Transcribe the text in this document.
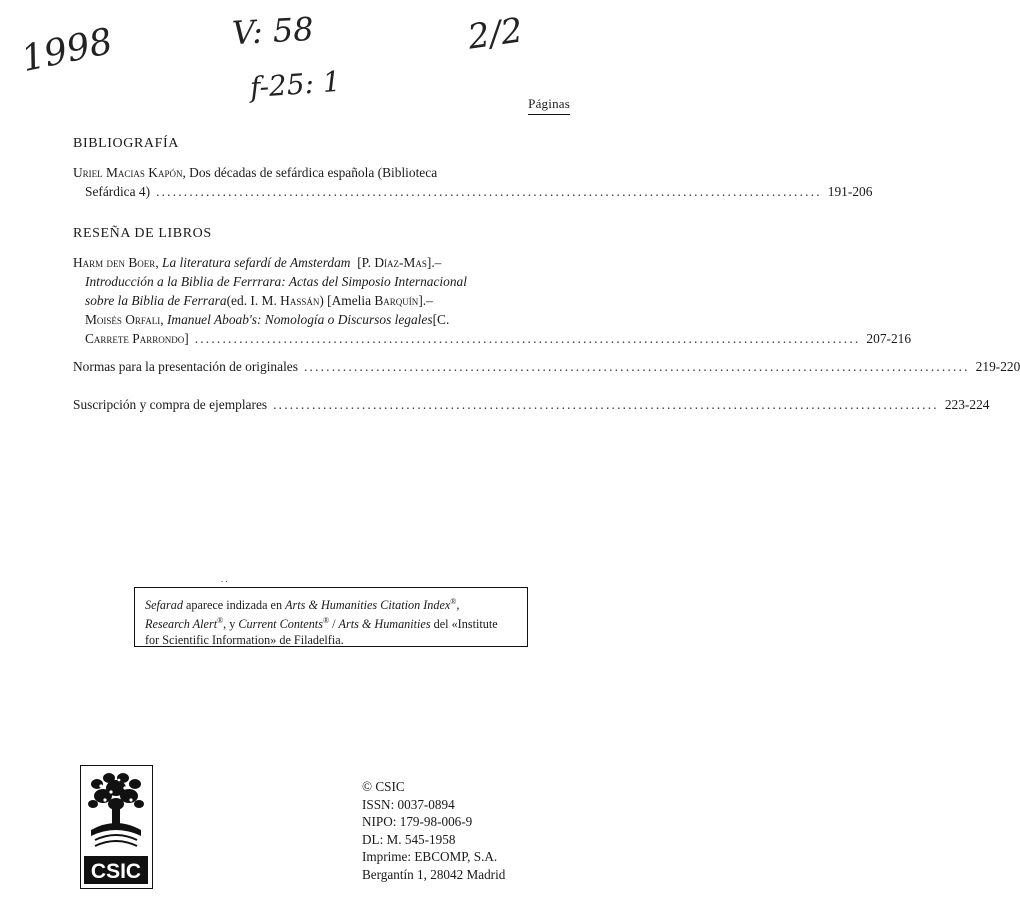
1998	V: 58
f-25: 1
2/2
Páginas
BIBLIOGRAFÍA
Uriel Macias Kapón , Dos décadas de sefárdica española (Biblioteca
Sefárdica 4) ........................................................................................................................ 191-206
RESEÑA DE LIBROS
Harm den Boer , La literatura sefardí de Amsterdam [P. Díaz-Mas].–
Introducción a la Biblia de Ferrrara: Actas del Simposio Internacional
sobre la Biblia de Ferrara (ed. I. M. Hassán) [Amelia Barquín].–
Moisés Orfali , Imanuel Aboab's: Nomología o Discursos legales [C.
Carrete Parrondo] ........................................................................................................................ 207-216
Normas para la presentación de originales ........................................................................................................................ 219-220
Suscripción y compra de ejemplares ........................................................................................................................ 223-224
..
Sefarad aparece indizada en Arts & Humanities Citation Index®,
Research Alert®, y Current Contents® / Arts & Humanities del «Institute
for Scientific Information» de Filadelfia.
CSIC
© CSIC
ISSN: 0037-0894
NIPO: 179-98-006-9
DL: M. 545-1958
Imprime: EBCOMP, S.A.
Bergantín 1, 28042 Madrid
